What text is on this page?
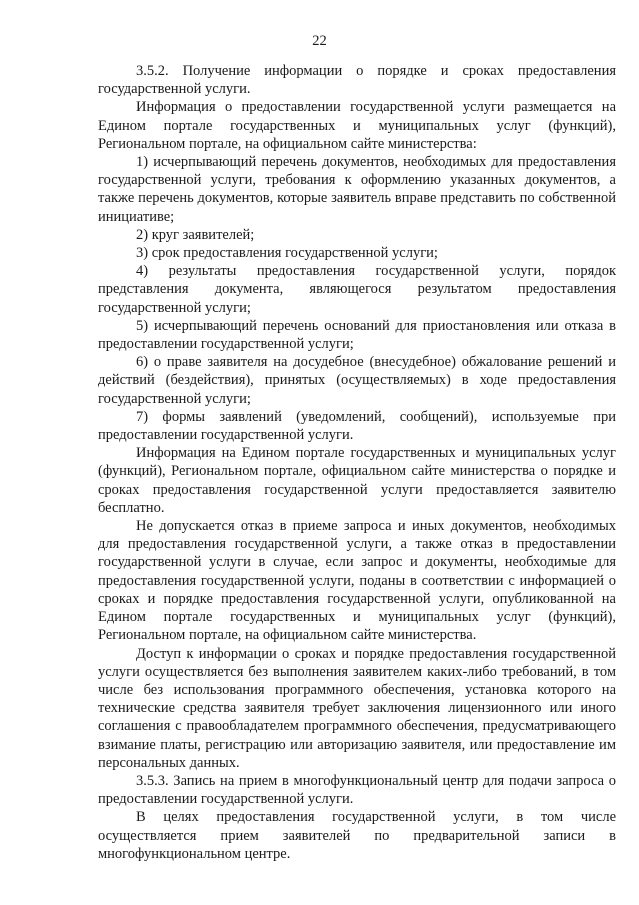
22

3.5.2. Получение информации о порядке и сроках предоставления государственной услуги.

Информация о предоставлении государственной услуги размещается на Едином портале государственных и муниципальных услуг (функций), Региональном портале, на официальном сайте министерства:

1) исчерпывающий перечень документов, необходимых для предоставления государственной услуги, требования к оформлению указанных документов, а также перечень документов, которые заявитель вправе представить по собственной инициативе;

2) круг заявителей;

3) срок предоставления государственной услуги;

4) результаты предоставления государственной услуги, порядок представления документа, являющегося результатом предоставления государственной услуги;

5) исчерпывающий перечень оснований для приостановления или отказа в предоставлении государственной услуги;

6) о праве заявителя на досудебное (внесудебное) обжалование решений и действий (бездействия), принятых (осуществляемых) в ходе предоставления государственной услуги;

7) формы заявлений (уведомлений, сообщений), используемые при предоставлении государственной услуги.

Информация на Едином портале государственных и муниципальных услуг (функций), Региональном портале, официальном сайте министерства о порядке и сроках предоставления государственной услуги предоставляется заявителю бесплатно.

Не допускается отказ в приеме запроса и иных документов, необходимых для предоставления государственной услуги, а также отказ в предоставлении государственной услуги в случае, если запрос и документы, необходимые для предоставления государственной услуги, поданы в соответствии с информацией о сроках и порядке предоставления государственной услуги, опубликованной на Едином портале государственных и муниципальных услуг (функций), Региональном портале, на официальном сайте министерства.

Доступ к информации о сроках и порядке предоставления государственной услуги осуществляется без выполнения заявителем каких-либо требований, в том числе без использования программного обеспечения, установка которого на технические средства заявителя требует заключения лицензионного или иного соглашения с правообладателем программного обеспечения, предусматривающего взимание платы, регистрацию или авторизацию заявителя, или предоставление им персональных данных.

3.5.3. Запись на прием в многофункциональный центр для подачи запроса о предоставлении государственной услуги.

В целях предоставления государственной услуги, в том числе осуществляется прием заявителей по предварительной записи в многофункциональном центре.
